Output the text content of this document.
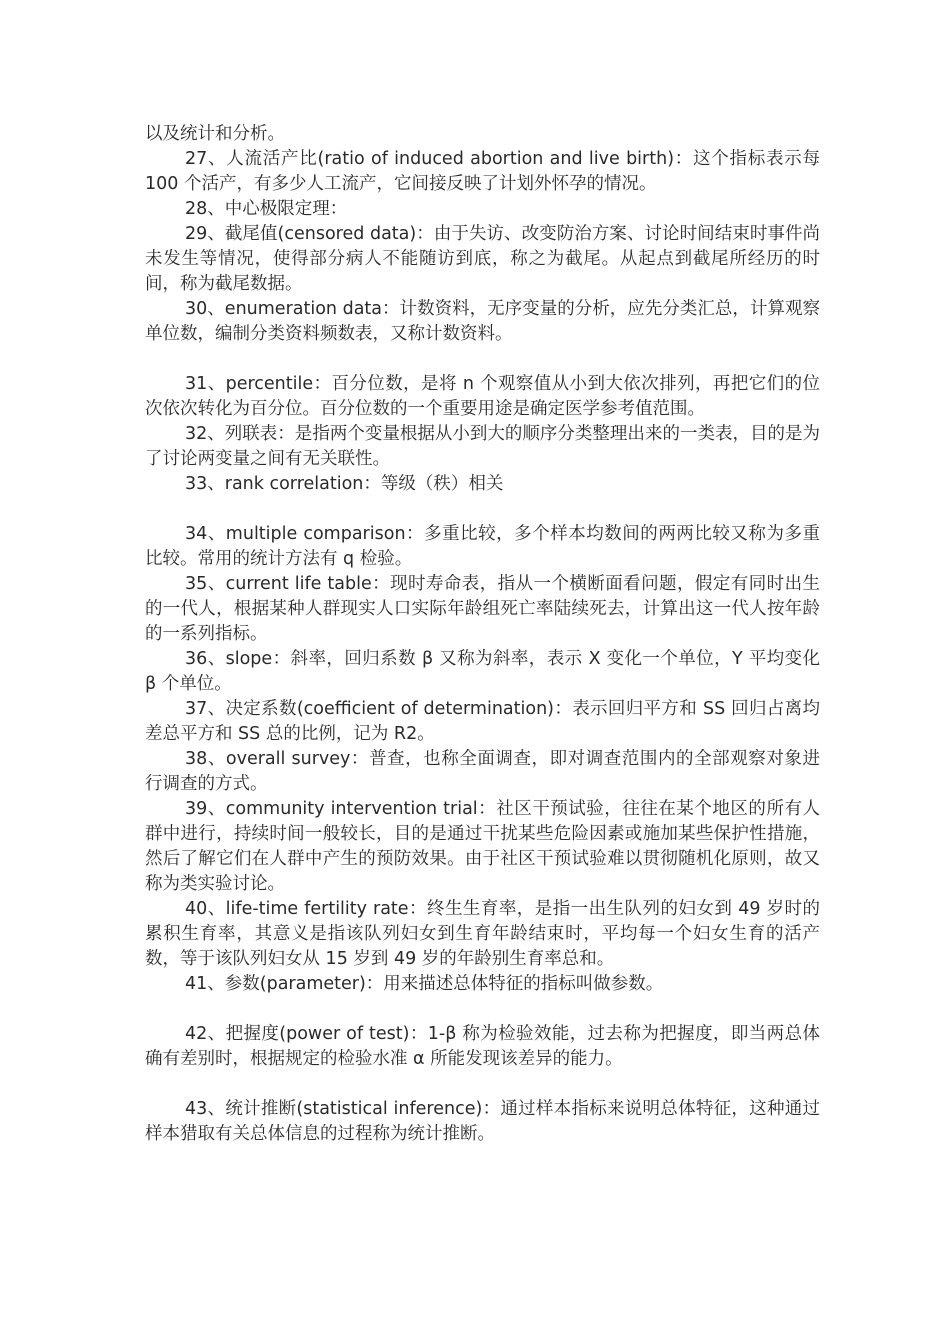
以及统计和分析。

27、人流活产比(ratio of induced abortion and live birth)：这个指标表示每 100 个活产，有多少人工流产，它间接反映了计划外怀孕的情况。

28、中心极限定理：

29、截尾值(censored data)：由于失访、改变防治方案、讨论时间结束时事件尚未发生等情况，使得部分病人不能随访到底，称之为截尾。从起点到截尾所经历的时间，称为截尾数据。

30、enumeration data：计数资料，无序变量的分析，应先分类汇总，计算观察单位数，编制分类资料频数表，又称计数资料。

31、percentile：百分位数，是将 n 个观察值从小到大依次排列，再把它们的位次依次转化为百分位。百分位数的一个重要用途是确定医学参考值范围。

32、列联表：是指两个变量根据从小到大的顺序分类整理出来的一类表，目的是为了讨论两变量之间有无关联性。

33、rank correlation：等级（秩）相关

34、multiple comparison：多重比较，多个样本均数间的两两比较又称为多重比较。常用的统计方法有 q 检验。

35、current life table：现时寿命表，指从一个横断面看问题，假定有同时出生的一代人，根据某种人群现实人口实际年龄组死亡率陆续死去，计算出这一代人按年龄的一系列指标。

36、slope：斜率，回归系数 β 又称为斜率，表示 X 变化一个单位，Y 平均变化 β 个单位。

37、决定系数(coefficient of determination)：表示回归平方和 SS 回归占离均差总平方和 SS 总的比例，记为 R2。

38、overall survey：普查，也称全面调查，即对调查范围内的全部观察对象进行调查的方式。

39、community intervention trial：社区干预试验，往往在某个地区的所有人群中进行，持续时间一般较长，目的是通过干扰某些危险因素或施加某些保护性措施，然后了解它们在人群中产生的预防效果。由于社区干预试验难以贯彻随机化原则，故又称为类实验讨论。

40、life-time fertility rate：终生生育率，是指一出生队列的妇女到 49 岁时的累积生育率，其意义是指该队列妇女到生育年龄结束时，平均每一个妇女生育的活产数，等于该队列妇女从 15 岁到 49 岁的年龄别生育率总和。

41、参数(parameter)：用来描述总体特征的指标叫做参数。

42、把握度(power of test)：1-β 称为检验效能，过去称为把握度，即当两总体确有差别时，根据规定的检验水准 α 所能发现该差异的能力。

43、统计推断(statistical inference)：通过样本指标来说明总体特征，这种通过样本猎取有关总体信息的过程称为统计推断。
